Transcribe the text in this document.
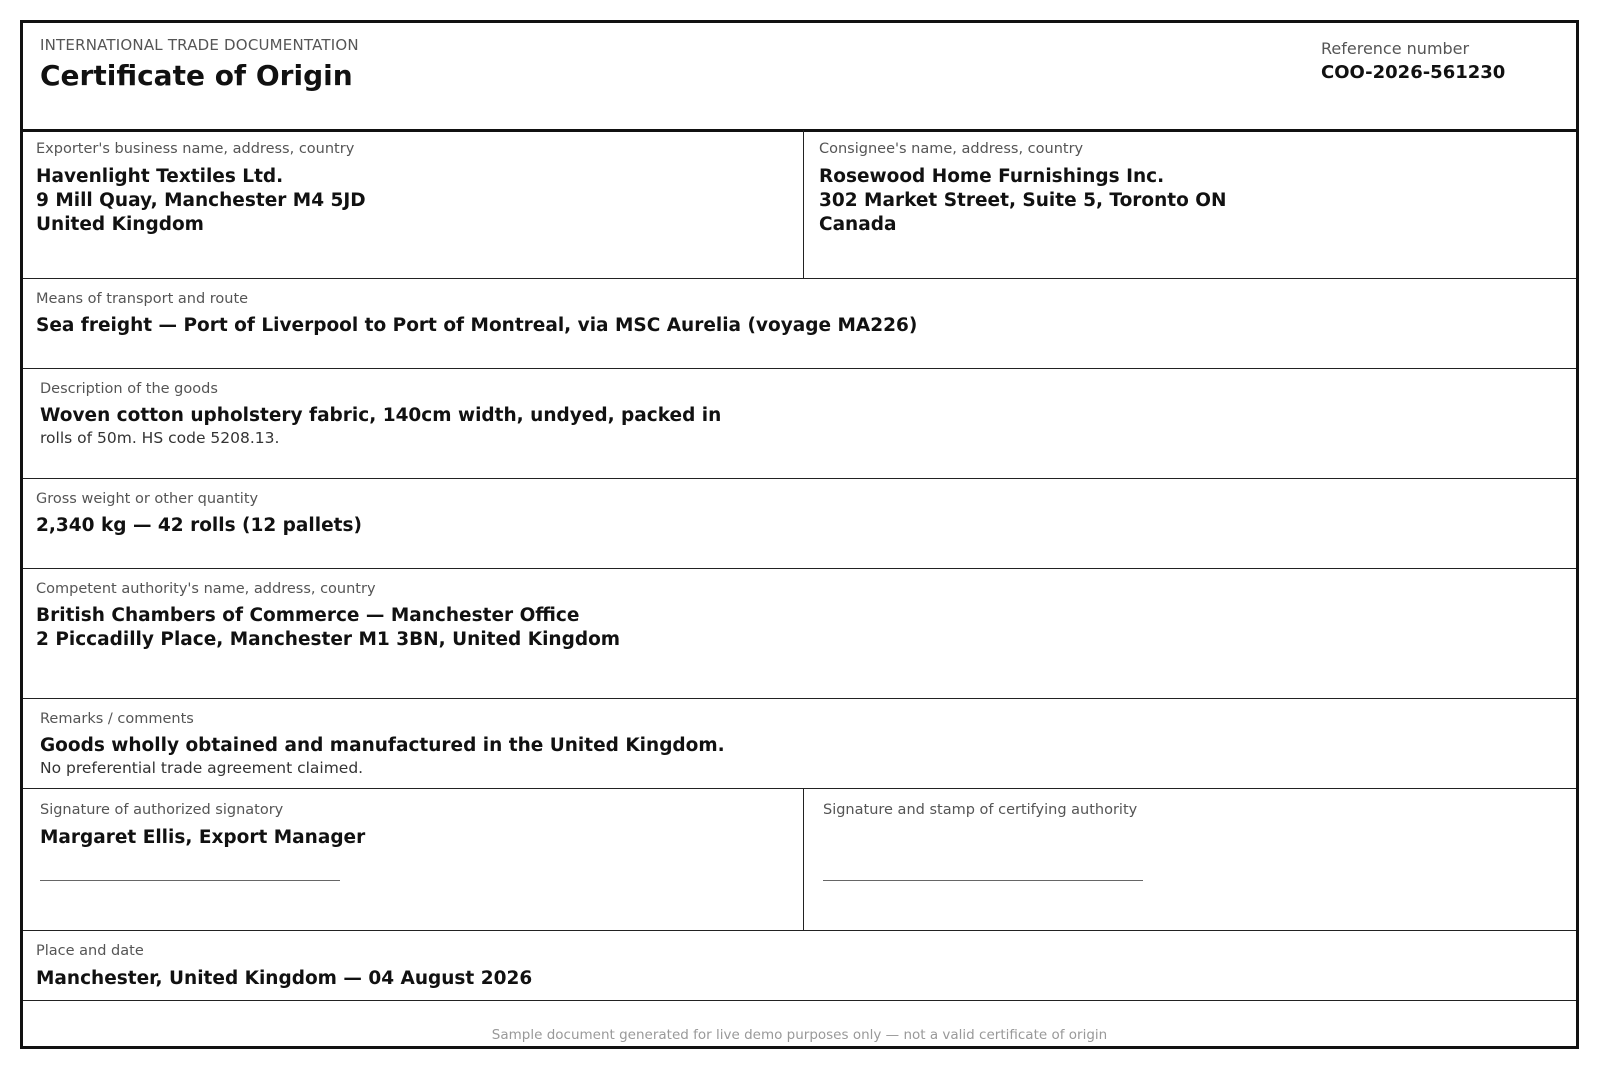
INTERNATIONAL TRADE DOCUMENTATION
Certificate of Origin
Reference number
COO-2026-561230
Exporter's business name, address, country
Havenlight Textiles Ltd.
9 Mill Quay, Manchester M4 5JD
United Kingdom
Consignee's name, address, country
Rosewood Home Furnishings Inc.
302 Market Street, Suite 5, Toronto ON
Canada
Means of transport and route
Sea freight — Port of Liverpool to Port of Montreal, via MSC Aurelia (voyage MA226)
Description of the goods
Woven cotton upholstery fabric, 140cm width, undyed, packed in
rolls of 50m. HS code 5208.13.
Gross weight or other quantity
2,340 kg — 42 rolls (12 pallets)
Competent authority's name, address, country
British Chambers of Commerce — Manchester Office
2 Piccadilly Place, Manchester M1 3BN, United Kingdom
Remarks / comments
Goods wholly obtained and manufactured in the United Kingdom.
No preferential trade agreement claimed.
Signature of authorized signatory
Margaret Ellis, Export Manager
Signature and stamp of certifying authority
Place and date
Manchester, United Kingdom — 04 August 2026
Sample document generated for live demo purposes only — not a valid certificate of origin
